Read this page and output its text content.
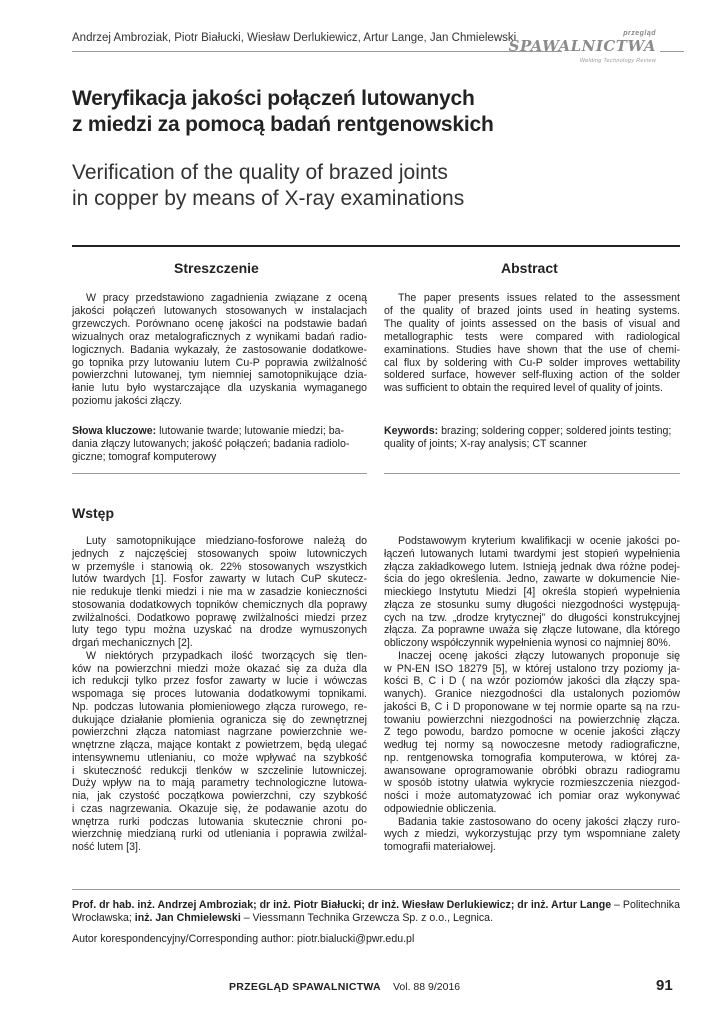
Andrzej Ambroziak, Piotr Białucki, Wiesław Derlukiewicz, Artur Lange, Jan Chmielewski	przegląd
SPAWALNICTWA
Welding Technology Review
Weryfikacja jakości połączeń lutowanych
z miedzi za pomocą badań rentgenowskich
Verification of the quality of brazed joints
in copper by means of X-ray examinations
Streszczenie	Abstract
W pracy przedstawiono zagadnienia związane z oceną
jakości połączeń lutowanych stosowanych w instalacjach
grzewczych. Porównano ocenę jakości na podstawie badań
wizualnych oraz metalograficznych z wynikami badań radio-
logicznych. Badania wykazały, że zastosowanie dodatkowe-
go topnika przy lutowaniu lutem Cu-P poprawia zwilżalność
powierzchni lutowanej, tym niemniej samotopnikujące dzia-
łanie lutu było wystarczające dla uzyskania wymaganego
poziomu jakości złączy.
The paper presents issues related to the assessment
of the quality of brazed joints used in heating systems.
The quality of joints assessed on the basis of visual and
metallographic tests were compared with radiological
examinations. Studies have shown that the use of chemi-
cal flux by soldering with Cu-P solder improves wettability
soldered surface, however self-fluxing action of the solder
was sufficient to obtain the required level of quality of joints.
Słowa kluczowe: lutowanie twarde; lutowanie miedzi; ba-
dania złączy lutowanych; jakość połączeń; badania radiolo-
giczne; tomograf komputerowy
Keywords: brazing; soldering copper; soldered joints testing;
quality of joints; X-ray analysis; CT scanner
Wstęp
Luty samotopnikujące miedziano-fosforowe należą do
jednych z najczęściej stosowanych spoiw lutowniczych
w przemyśle i stanowią ok. 22% stosowanych wszystkich
lutów twardych [1]. Fosfor zawarty w lutach CuP skutecz-
nie redukuje tlenki miedzi i nie ma w zasadzie konieczności
stosowania dodatkowych topników chemicznych dla poprawy
zwilżalności. Dodatkowo poprawę zwilżalności miedzi przez
luty tego typu można uzyskać na drodze wymuszonych
drgań mechanicznych [2].
W niektórych przypadkach ilość tworzących się tlen-
ków na powierzchni miedzi może okazać się za duża dla
ich redukcji tylko przez fosfor zawarty w lucie i wówczas
wspomaga się proces lutowania dodatkowymi topnikami.
Np. podczas lutowania płomieniowego złącza rurowego, re-
dukujące działanie płomienia ogranicza się do zewnętrznej
powierzchni złącza natomiast nagrzane powierzchnie we-
wnętrzne złącza, mające kontakt z powietrzem, będą ulegać
intensywnemu utlenianiu, co może wpływać na szybkość
i skuteczność redukcji tlenków w szczelinie lutowniczej.
Duży wpływ na to mają parametry technologiczne lutowa-
nia, jak czystość początkowa powierzchni, czy szybkość
i czas nagrzewania. Okazuje się, że podawanie azotu do
wnętrza rurki podczas lutowania skutecznie chroni po-
wierzchnię miedzianą rurki od utleniania i poprawia zwilżal-
ność lutem [3].
Podstawowym kryterium kwalifikacji w ocenie jakości po-
łączeń lutowanych lutami twardymi jest stopień wypełnienia
złącza zakładkowego lutem. Istnieją jednak dwa różne podej-
ścia do jego określenia. Jedno, zawarte w dokumencie Nie-
mieckiego Instytutu Miedzi [4] określa stopień wypełnienia
złącza ze stosunku sumy długości niezgodności występują-
cych na tzw. „drodze krytycznej” do długości konstrukcyjnej
złącza. Za poprawne uważa się złącze lutowane, dla którego
obliczony współczynnik wypełnienia wynosi co najmniej 80%.
Inaczej ocenę jakości złączy lutowanych proponuje się
w PN-EN ISO 18279 [5], w której ustalono trzy poziomy ja-
kości B, C i D ( na wzór poziomów jakości dla złączy spa-
wanych). Granice niezgodności dla ustalonych poziomów
jakości B, C i D proponowane w tej normie oparte są na rzu-
towaniu powierzchni niezgodności na powierzchnię złącza.
Z tego powodu, bardzo pomocne w ocenie jakości złączy
według tej normy są nowoczesne metody radiograficzne,
np. rentgenowska tomografia komputerowa, w której za-
awansowane oprogramowanie obróbki obrazu radiogramu
w sposób istotny ułatwia wykrycie rozmieszczenia niezgod-
ności i może automatyzować ich pomiar oraz wykonywać
odpowiednie obliczenia.
Badania takie zastosowano do oceny jakości złączy ruro-
wych z miedzi, wykorzystując przy tym wspomniane zalety
tomografii materiałowej.
Prof. dr hab. inż. Andrzej Ambroziak; dr inż. Piotr Białucki; dr inż. Wiesław Derlukiewicz; dr inż. Artur Lange – Politechnika Wrocławska; inż. Jan Chmielewski – Viessmann Technika Grzewcza Sp. z o.o., Legnica.
Autor korespondencyjny/Corresponding author: piotr.bialucki@pwr.edu.pl
PRZEGLĄD SPAWALNICTWA Vol. 88 9/2016	91
